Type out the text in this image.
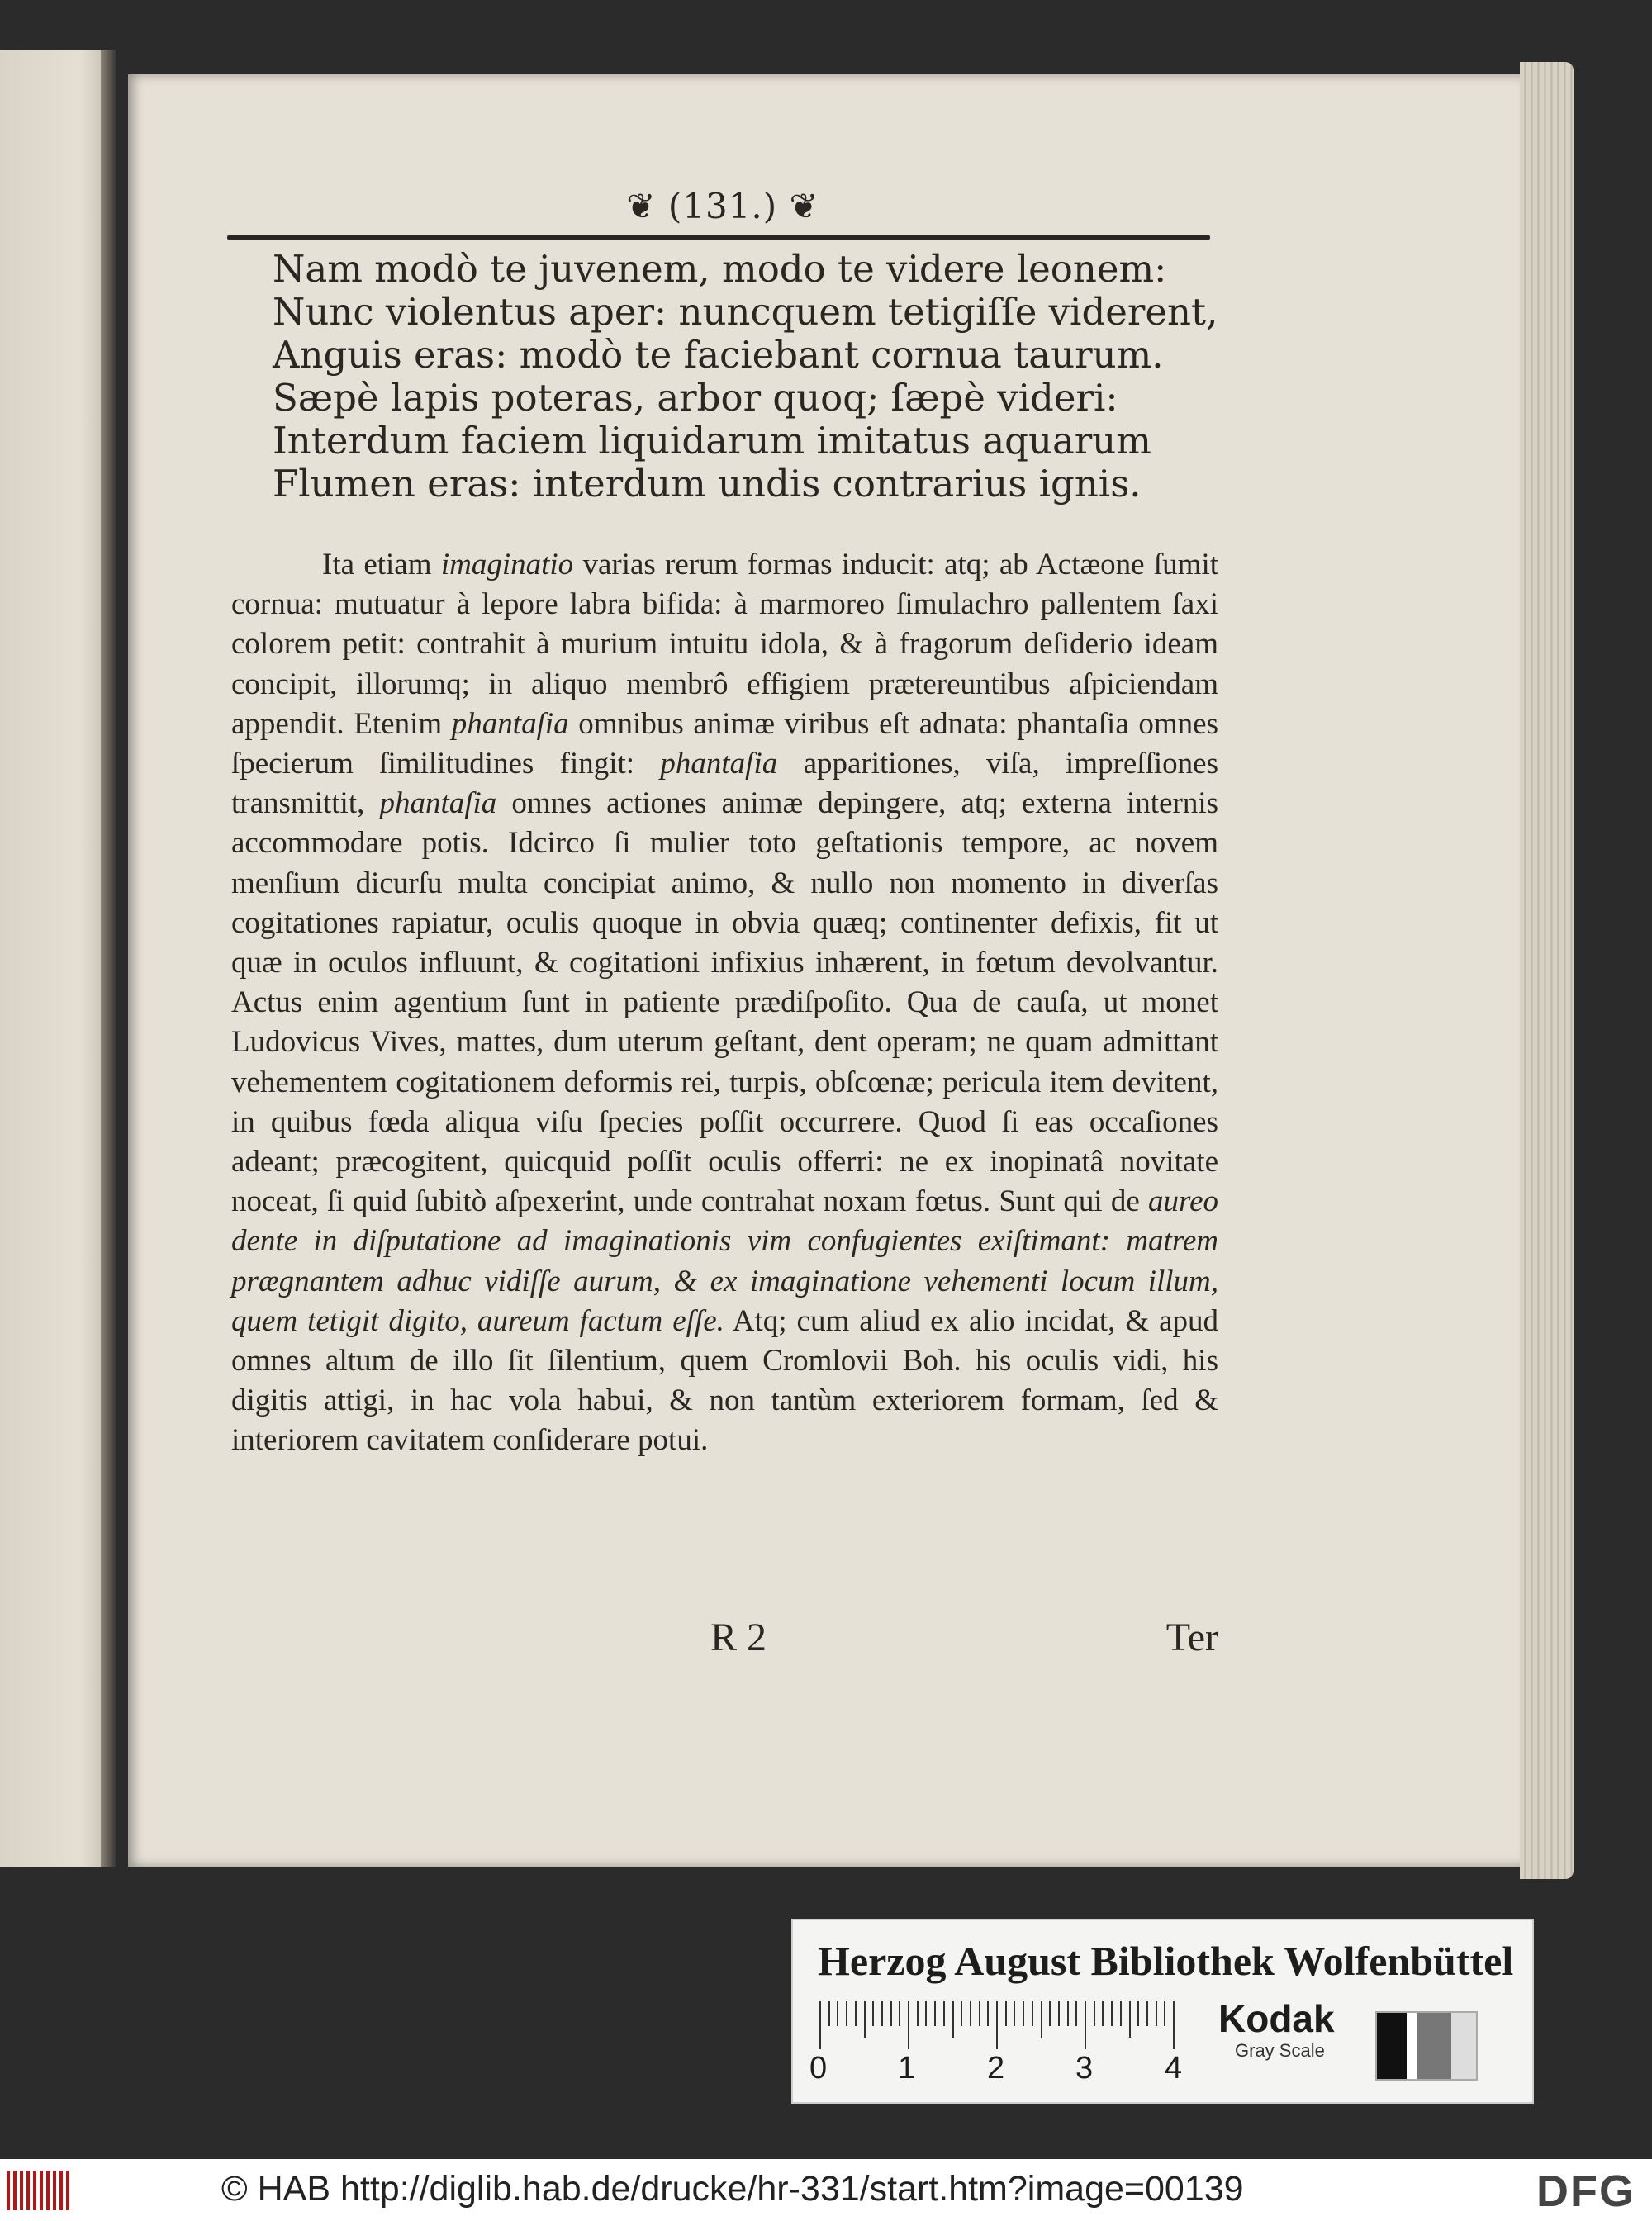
❦ (131.) ❦
Nam modò te juvenem, modo te videre leonem:
Nunc violentus aper: nuncquem tetigiſſe viderent,
Anguis eras: modò te faciebant cornua taurum.
Sæpè lapis poteras, arbor quoq; ſæpè videri:
Interdum faciem liquidarum imitatus aquarum
Flumen eras: interdum undis contrarius ignis.
Ita etiam imaginatio varias rerum formas inducit: atq; ab Actæone ſumit cornua: mutuatur à lepore labra bifida: à marmoreo ſimulachro pallentem ſaxi colorem petit: contrahit à murium intuitu idola, & à fragorum deſiderio ideam concipit, illorumq; in aliquo membrô effigiem prætereuntibus aſpiciendam appendit. Etenim phantaſia omnibus animæ viribus eſt adnata: phantaſia omnes ſpecierum ſimilitudines fingit: phantaſia apparitiones, viſa, impreſſiones transmittit, phantaſia omnes actiones animæ depingere, atq; externa internis accommodare potis. Idcirco ſi mulier toto geſtationis tempore, ac novem menſium dicurſu multa concipiat animo, & nullo non momento in diverſas cogitationes rapiatur, oculis quoque in obvia quæq; continenter defixis, fit ut quæ in oculos influunt, & cogitationi infixius inhærent, in fœtum devolvantur. Actus enim agentium ſunt in patiente prædiſpoſito. Qua de cauſa, ut monet Ludovicus Vives, mattes, dum uterum geſtant, dent operam; ne quam admittant vehementem cogitationem deformis rei, turpis, obſcœnæ; pericula item devitent, in quibus fœda aliqua viſu ſpecies poſſit occurrere. Quod ſi eas occaſiones adeant; præcogitent, quicquid poſſit oculis offerri: ne ex inopinatâ novitate noceat, ſi quid ſubitò aſpexerint, unde contrahat noxam fœtus. Sunt qui de aureo dente in diſputatione ad imaginationis vim confugientes exiſtimant: matrem prægnantem adhuc vidiſſe aurum, & ex imaginatione vehementi locum illum, quem tetigit digito, aureum factum eſſe. Atq; cum aliud ex alio incidat, & apud omnes altum de illo ſit ſilentium, quem Cromlovii Boh. his oculis vidi, his digitis attigi, in hac vola habui, & non tantùm exteriorem formam, ſed & interiorem cavitatem conſiderare potui.
R 2	Ter
Herzog August Bibliothek Wolfenbüttel
0 1 2 3 4
Kodak
Gray Scale
© HAB http://diglib.hab.de/drucke/hr-331/start.htm?image=00139	DFG
